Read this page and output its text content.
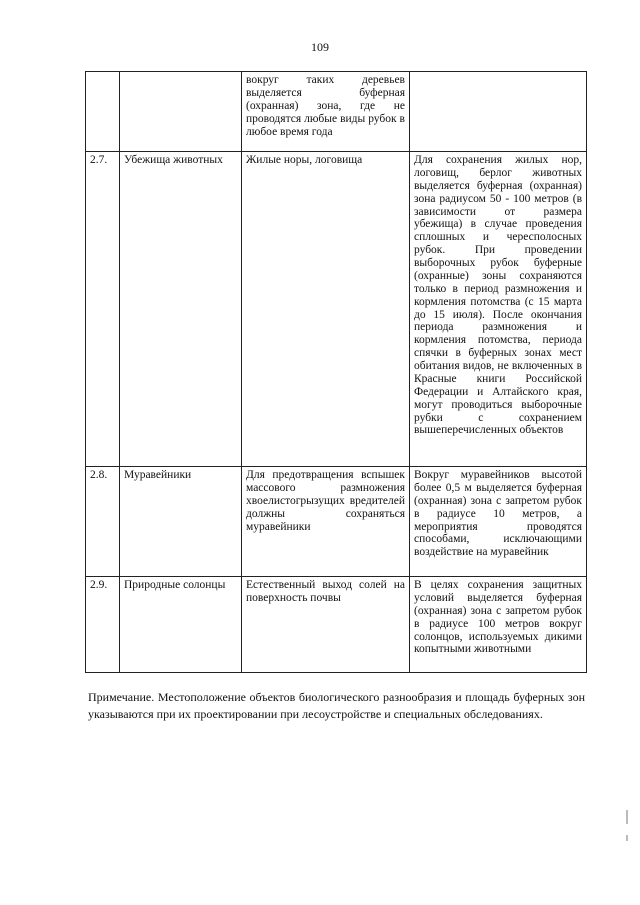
109
		вокруг таких деревьев выделяется буферная (охранная) зона, где не проводятся любые виды рубок в любое время года	
2.7.	Убежища животных	Жилые норы, логовища	Для сохранения жилых нор, логовищ, берлог животных выделяется буферная (охранная) зона радиусом 50 - 100 метров (в зависимости от размера убежища) в случае проведения сплошных и чересполосных рубок. При проведении выборочных рубок буферные (охранные) зоны сохраняются только в период размножения и кормления потомства (с 15 марта до 15 июля). После окончания периода размножения и кормления потомства, периода спячки в буферных зонах мест обитания видов, не включенных в Красные книги Российской Федерации и Алтайского края, могут проводиться выборочные рубки с сохранением вышеперечисленных объектов
2.8.	Муравейники	Для предотвращения вспышек массового размножения хвоелистогрызущих вредителей должны сохраняться муравейники	Вокруг муравейников высотой более 0,5 м выделяется буферная (охранная) зона с запретом рубок в радиусе 10 метров, а мероприятия проводятся способами, исключающими воздействие на муравейник
2.9.	Природные солонцы	Естественный выход солей на поверхность почвы	В целях сохранения защитных условий выделяется буферная (охранная) зона с запретом рубок в радиусе 100 метров вокруг солонцов, используемых дикими копытными животными
Примечание. Местоположение объектов биологического разнообразия и площадь буферных зон указываются при их проектировании при лесоустройстве и специальных обследованиях.
